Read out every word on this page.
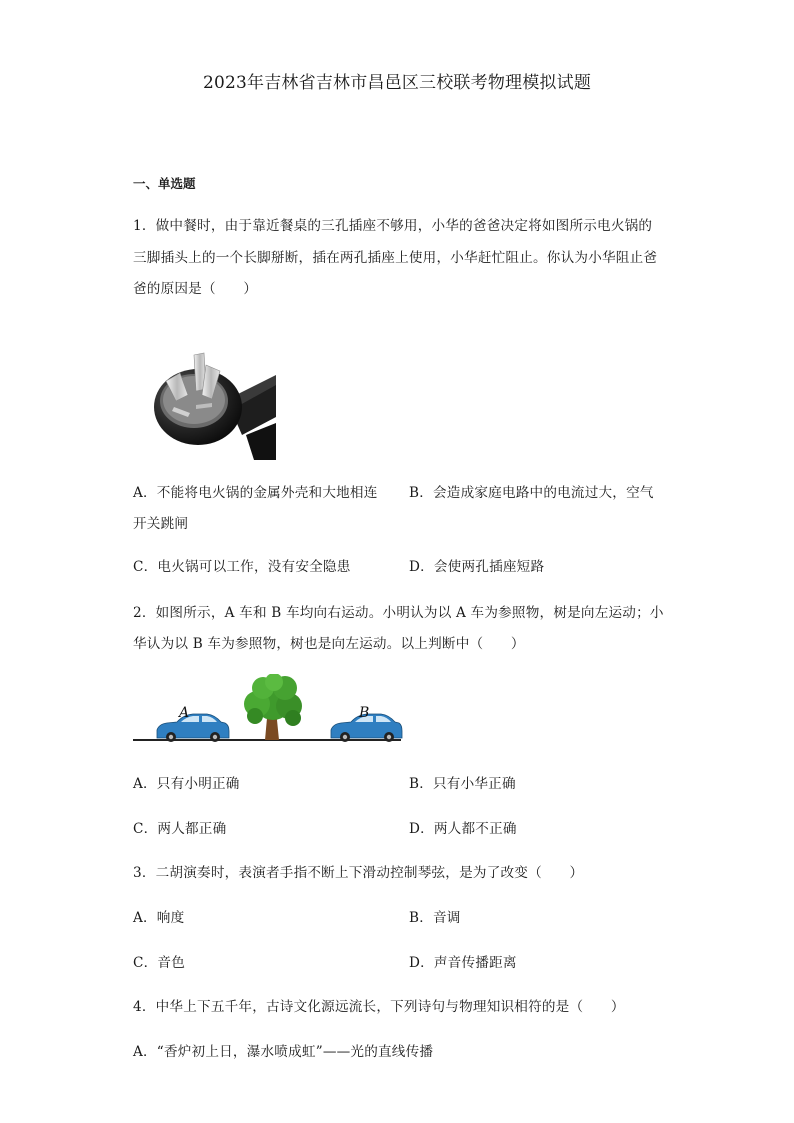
2023年吉林省吉林市昌邑区三校联考物理模拟试题
一、单选题
1．做中餐时，由于靠近餐桌的三孔插座不够用，小华的爸爸决定将如图所示电火锅的
三脚插头上的一个长脚掰断，插在两孔插座上使用，小华赶忙阻止。你认为小华阻止爸
爸的原因是（　　）
A．不能将电火锅的金属外壳和大地相连 B．会造成家庭电路中的电流过大，空气
开关跳闸
C．电火锅可以工作，没有安全隐患	D．会使两孔插座短路
2．如图所示，A 车和 B 车均向右运动。小明认为以 A 车为参照物，树是向左运动；小
华认为以 B 车为参照物，树也是向左运动。以上判断中（　　）
A	B
A．只有小明正确	B．只有小华正确
C．两人都正确	D．两人都不正确
3．二胡演奏时，表演者手指不断上下滑动控制琴弦，是为了改变（　　）
A．响度	B．音调
C．音色	D．声音传播距离
4．中华上下五千年，古诗文化源远流长，下列诗句与物理知识相符的是（　　）
A．“香炉初上日，瀑水喷成虹”——光的直线传播
